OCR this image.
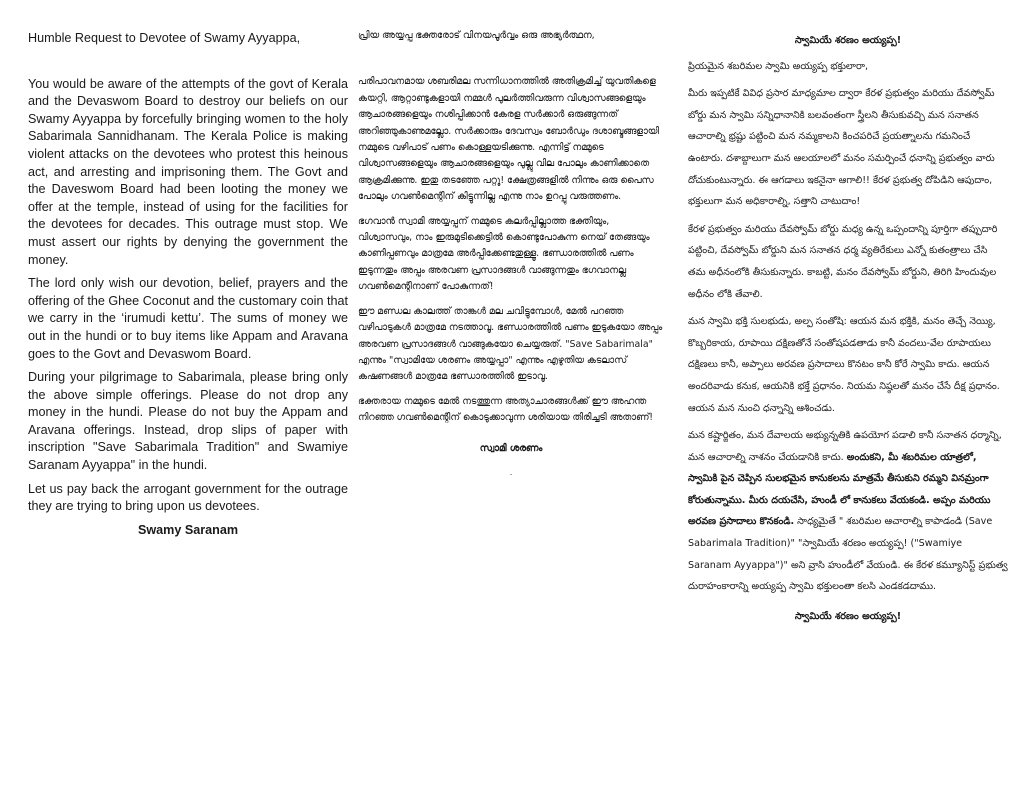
Humble Request to Devotee of Swamy Ayyappa,

You would be aware of the attempts of the govt of Kerala and the Devaswom Board to destroy our beliefs on our Swamy Ayyappa by forcefully bringing women to the holy Sabarimala Sannidhanam. The Kerala Police is making violent attacks on the devotees who protest this heinous act, and arresting and imprisoning them. The Govt and the Daveswom Board had been looting the money we offer at the temple, instead of using for the facilities for the devotees for decades. This outrage must stop. We must assert our rights by denying the government the money.

The lord only wish our devotion, belief, prayers and the offering of the Ghee Coconut and the customary coin that we carry in the ‘irumudi kettu’. The sums of money we out in the hundi or to buy items like Appam and Aravana goes to the Govt and Devaswom Board.

During your pilgrimage to Sabarimala, please bring only the above simple offerings. Please do not drop any money in the hundi. Please do not buy the Appam and Aravana offerings. Instead, drop slips of paper with inscription "Save Sabarimala Tradition" and Swamiye Saranam Ayyappa" in the hundi.

Let us pay back the arrogant government for the outrage they are trying to bring upon us devotees.

Swamy Saranam

പ്രിയ അയ്യപ്പ ഭക്തരോട് വിനയപൂർവ്വം ഒരു അഭ്യർത്ഥന,

പരിപാവനമായ ശബരിമല സന്നിധാനത്തിൽ അതിക്രമിച്ച് യുവതികളെ കയറ്റി, ആറ്റാണ്ടുകളായി നമ്മൾ പുലർത്തിവരുന്ന വിശ്വാസങ്ങളെയും ആചാരങ്ങളെയും നശിപ്പിക്കാൻ കേരള സർക്കാർ ഒരുങ്ങുന്നത് അറിഞ്ഞുകാണുമല്ലോ. സർക്കാരും ദേവസ്വം ബോർഡും ദശാബ്ദങ്ങളായി നമ്മുടെ വഴിപാട് പണം കൊള്ളയടിക്കുന്നു. എന്നിട്ട് നമ്മുടെ വിശ്വാസങ്ങളെയും ആചാരങ്ങളെയും പുല്ലു വില പോലും കാണിക്കാതെ ആക്രമിക്കുന്നു. ഇതു തടഞ്ഞേ പറ്റൂ! ക്ഷേത്രങ്ങളിൽ നിന്നും ഒരു പൈസ പോലും ഗവൺമെന്റിന് കിട്ടുന്നില്ല എന്നു നാം ഉറപ്പു വരുത്തണം.

ഭഗവാൻ സ്വാമി അയ്യപ്പന് നമ്മുടെ കലർപ്പില്ലാത്ത ഭക്തിയും, വിശ്വാസവും, നാം ഇരുമുടിക്കെട്ടിൽ കൊണ്ടുപോകുന്ന നെയ് തേങ്ങയും കാണിപ്പണവും മാത്രമേ അർപ്പിക്കേണ്ടതുള്ളൂ. ഭണ്ഡാരത്തിൽ പണം ഇടുന്നതും അപ്പം അരവണ പ്രസാദങ്ങൾ വാങ്ങുന്നതും ഭഗവാനല്ല ഗവൺമെന്റിനാണ് പോകുന്നത്!

ഈ മണ്ഡല കാലത്ത് താങ്കൾ മല ചവിട്ടുമ്പോൾ, മേൽ പറഞ്ഞ വഴിപാടുകൾ മാത്രമേ നടത്താവൂ. ഭണ്ഡാരത്തിൽ പണം ഇടുകയോ അപ്പം അരവണ പ്രസാദങ്ങൾ വാങ്ങുകയോ ചെയ്യരുത്. "Save Sabarimala" എന്നും "സ്വാമിയേ ശരണം അയ്യപ്പാ" എന്നും എഴുതിയ കടലാസ് കഷണങ്ങൾ മാത്രമേ ഭണ്ഡാരത്തിൽ ഇടാവൂ.

ഭക്തരായ നമ്മുടെ മേൽ നടത്തുന്ന അത്യാചാരങ്ങൾക്ക് ഈ അഹന്ത നിറഞ്ഞ ഗവൺമെന്റിന് കൊടുക്കാവുന്ന ശരിയായ തിരിച്ചടി അതാണ്!

സ്വാമി ശരണം

.

స్వామియే శరణం అయ్యప్ప!

ప్రియమైన శబరిమల స్వామి అయ్యప్ప భక్తులారా,

మీరు ఇప్పటికే వివిధ ప్రసార మాధ్యమాల ద్వారా కేరళ ప్రభుత్వం మరియు దేవస్వోమ్ బోర్డు మన స్వామి సన్నిధానానికి బలవంతంగా స్త్రీలని తీసుకువచ్చి మన సనాతన ఆచారాల్ని భ్రష్టు పట్టించి మన నమ్మకాలని కించపరిచే ప్రయత్నాలను గమనించే ఉంటారు. దశాబ్దాలుగా మన ఆలయాలలో మనం సమర్పించే ధనాన్ని ప్రభుత్వం వారు దోచుకుంటున్నారు. ఈ ఆగడాలు ఇకనైనా ఆగాలి!! కేరళ ప్రభుత్వ దోపిడిని ఆపుదాం, భక్తులుగా మన అధికారాల్ని, సత్తాని చాటుదాం!

కేరళ ప్రభుత్వం మరియు దేవస్వోమ్ బోర్డు మధ్య ఉన్న ఒప్పందాన్ని పూర్తిగా తప్పుదారి పట్టించి, దేవస్వోమ్ బోర్డుని మన సనాతన ధర్మ వ్యతిరేకులు ఎన్నో కుతంత్రాలు చేసి తమ అధీనంలోకి తీసుకున్నారు. కాబట్టి, మనం దేవస్వోమ్ బోర్డుని, తిరిగి హిందువుల అధీనం లోకి తేవాలి.

మన స్వామి భక్తి సులభుడు, అల్ప సంతోషి: ఆయన మన భక్తికి, మనం తెచ్చే నెయ్యి, కొబ్బరికాయ, రూపాయి దక్షిణతోనే సంతోషపడతాడు కానీ వందలు-వేల రూపాయలు దక్షిణలు కానీ, అప్పాలు అరవణ ప్రసాదాలు కొనటం కానీ కోరే స్వామి కాదు. ఆయన అందరివాడు కనుక, ఆయనికి భక్తే ప్రధానం. నియమ నిష్ఠలతో మనం చేసే దీక్ష ప్రధానం. ఆయన మన నుంచి ధన్నాన్ని ఆశించడు.

మన కష్టార్జితం, మన దేవాలయ అభ్యున్నతికి ఉపయోగ పడాలి కానీ సనాతన ధర్మాన్ని, మన ఆచారాల్ని నాశనం చేయడానికి కాదు. అందుకని, మీ శబరిమల యాత్రలో, స్వామికి పైన చెప్పిన సులభమైన కానుకలను మాత్రమే తీసుకుని రమ్మని వినమ్రంగా కోరుతున్నాము. మీరు దయచేసి, హుండీ లో కానుకలు వేయకండి. అప్పం మరియు అరవణ ప్రసాదాలు కొనకండి. సాధ్యమైతే " శబరిమల ఆచారాల్ని కాపాడండి (Save Sabarimala Tradition)" "స్వామియే శరణం అయ్యప్ప! ("Swamiye Saranam Ayyappa")" అని వ్రాసి హుండీలో వేయండి. ఈ కేరళ కమ్యూనిస్ట్ ప్రభుత్వ దురాహంకారాన్ని అయ్యప్ప స్వామి భక్తులంతా కలసి ఎండకడదాము.

స్వామియే శరణం అయ్యప్ప!
